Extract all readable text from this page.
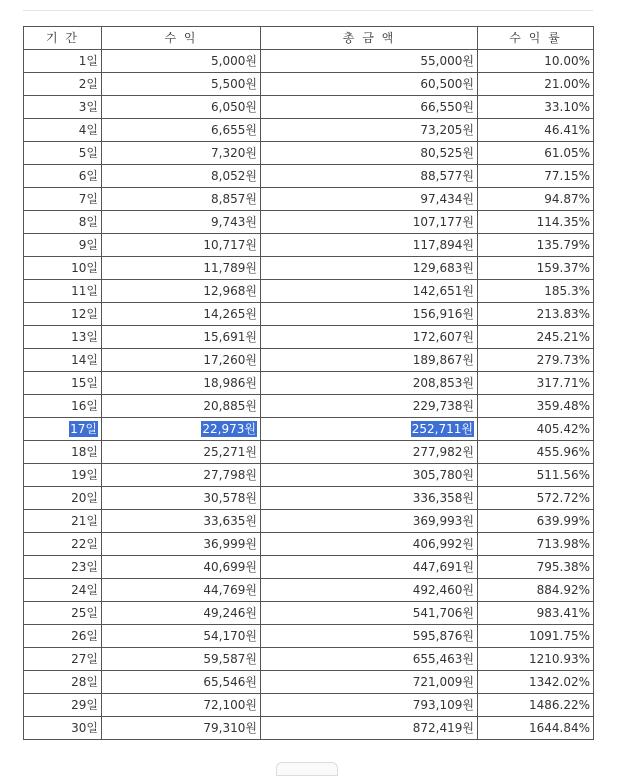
기 간	수 익	총 금 액	수 익 률
1일	5,000원	55,000원	10.00%
2일	5,500원	60,500원	21.00%
3일	6,050원	66,550원	33.10%
4일	6,655원	73,205원	46.41%
5일	7,320원	80,525원	61.05%
6일	8,052원	88,577원	77.15%
7일	8,857원	97,434원	94.87%
8일	9,743원	107,177원	114.35%
9일	10,717원	117,894원	135.79%
10일	11,789원	129,683원	159.37%
11일	12,968원	142,651원	185.3%
12일	14,265원	156,916원	213.83%
13일	15,691원	172,607원	245.21%
14일	17,260원	189,867원	279.73%
15일	18,986원	208,853원	317.71%
16일	20,885원	229,738원	359.48%
17일	22,973원	252,711원	405.42%
18일	25,271원	277,982원	455.96%
19일	27,798원	305,780원	511.56%
20일	30,578원	336,358원	572.72%
21일	33,635원	369,993원	639.99%
22일	36,999원	406,992원	713.98%
23일	40,699원	447,691원	795.38%
24일	44,769원	492,460원	884.92%
25일	49,246원	541,706원	983.41%
26일	54,170원	595,876원	1091.75%
27일	59,587원	655,463원	1210.93%
28일	65,546원	721,009원	1342.02%
29일	72,100원	793,109원	1486.22%
30일	79,310원	872,419원	1644.84%
